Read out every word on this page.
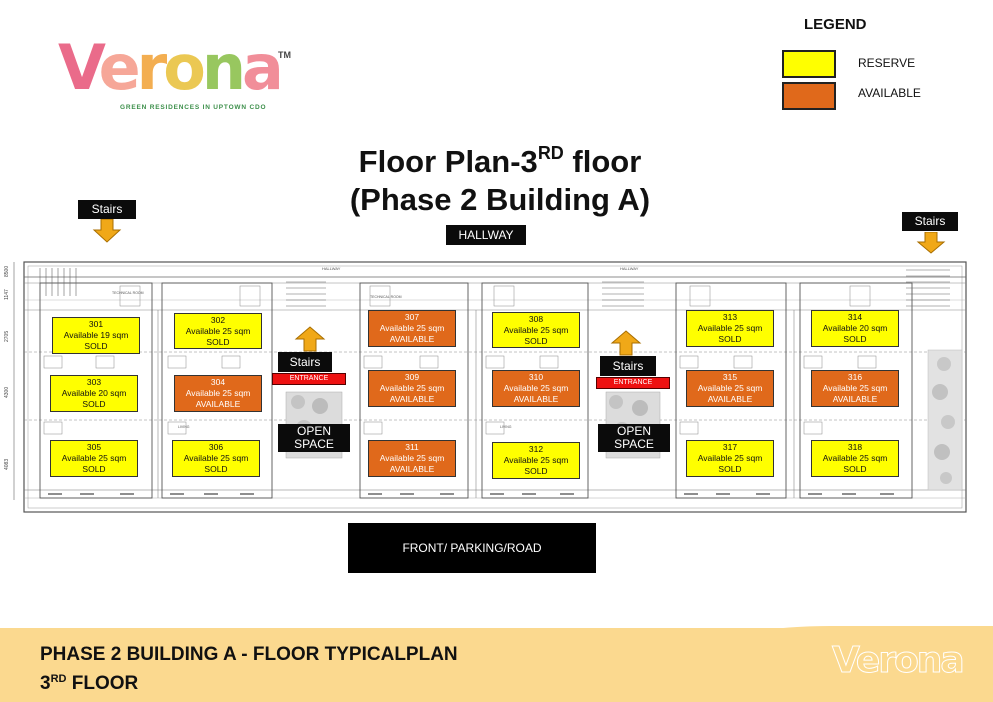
Verona
TM
GREEN RESIDENCES IN UPTOWN CDO
LEGEND
RESERVE
AVAILABLE
Floor Plan-3RD floor
(Phase 2 Building A)
Stairs
HALLWAY
Stairs
8500
1147
2705
4300
4083
HALLWAY	HALLWAY
TECHNICAL ROOM
TECHNICAL ROOM
LIVING	LIVING
301
Available 19 sqm
SOLD
302
Available 25 sqm
SOLD
307
Available 25 sqm
AVAILABLE
308
Available 25 sqm
SOLD
313
Available 25 sqm
SOLD
314
Available 20 sqm
SOLD
303
Available 20 sqm
SOLD
304
Available 25 sqm
AVAILABLE
309
Available 25 sqm
AVAILABLE
310
Available 25 sqm
AVAILABLE
315
Available 25 sqm
AVAILABLE
316
Available 25 sqm
AVAILABLE
305
Available 25 sqm
SOLD
306
Available 25 sqm
SOLD
311
Available 25 sqm
AVAILABLE
312
Available 25 sqm
SOLD
317
Available 25 sqm
SOLD
318
Available 25 sqm
SOLD
Stairs
ENTRANCE
OPEN
SPACE
Stairs
ENTRANCE
OPEN
SPACE
FRONT/ PARKING/ROAD
PHASE 2 BUILDING A - FLOOR TYPICALPLAN
3RD FLOOR
Verona
